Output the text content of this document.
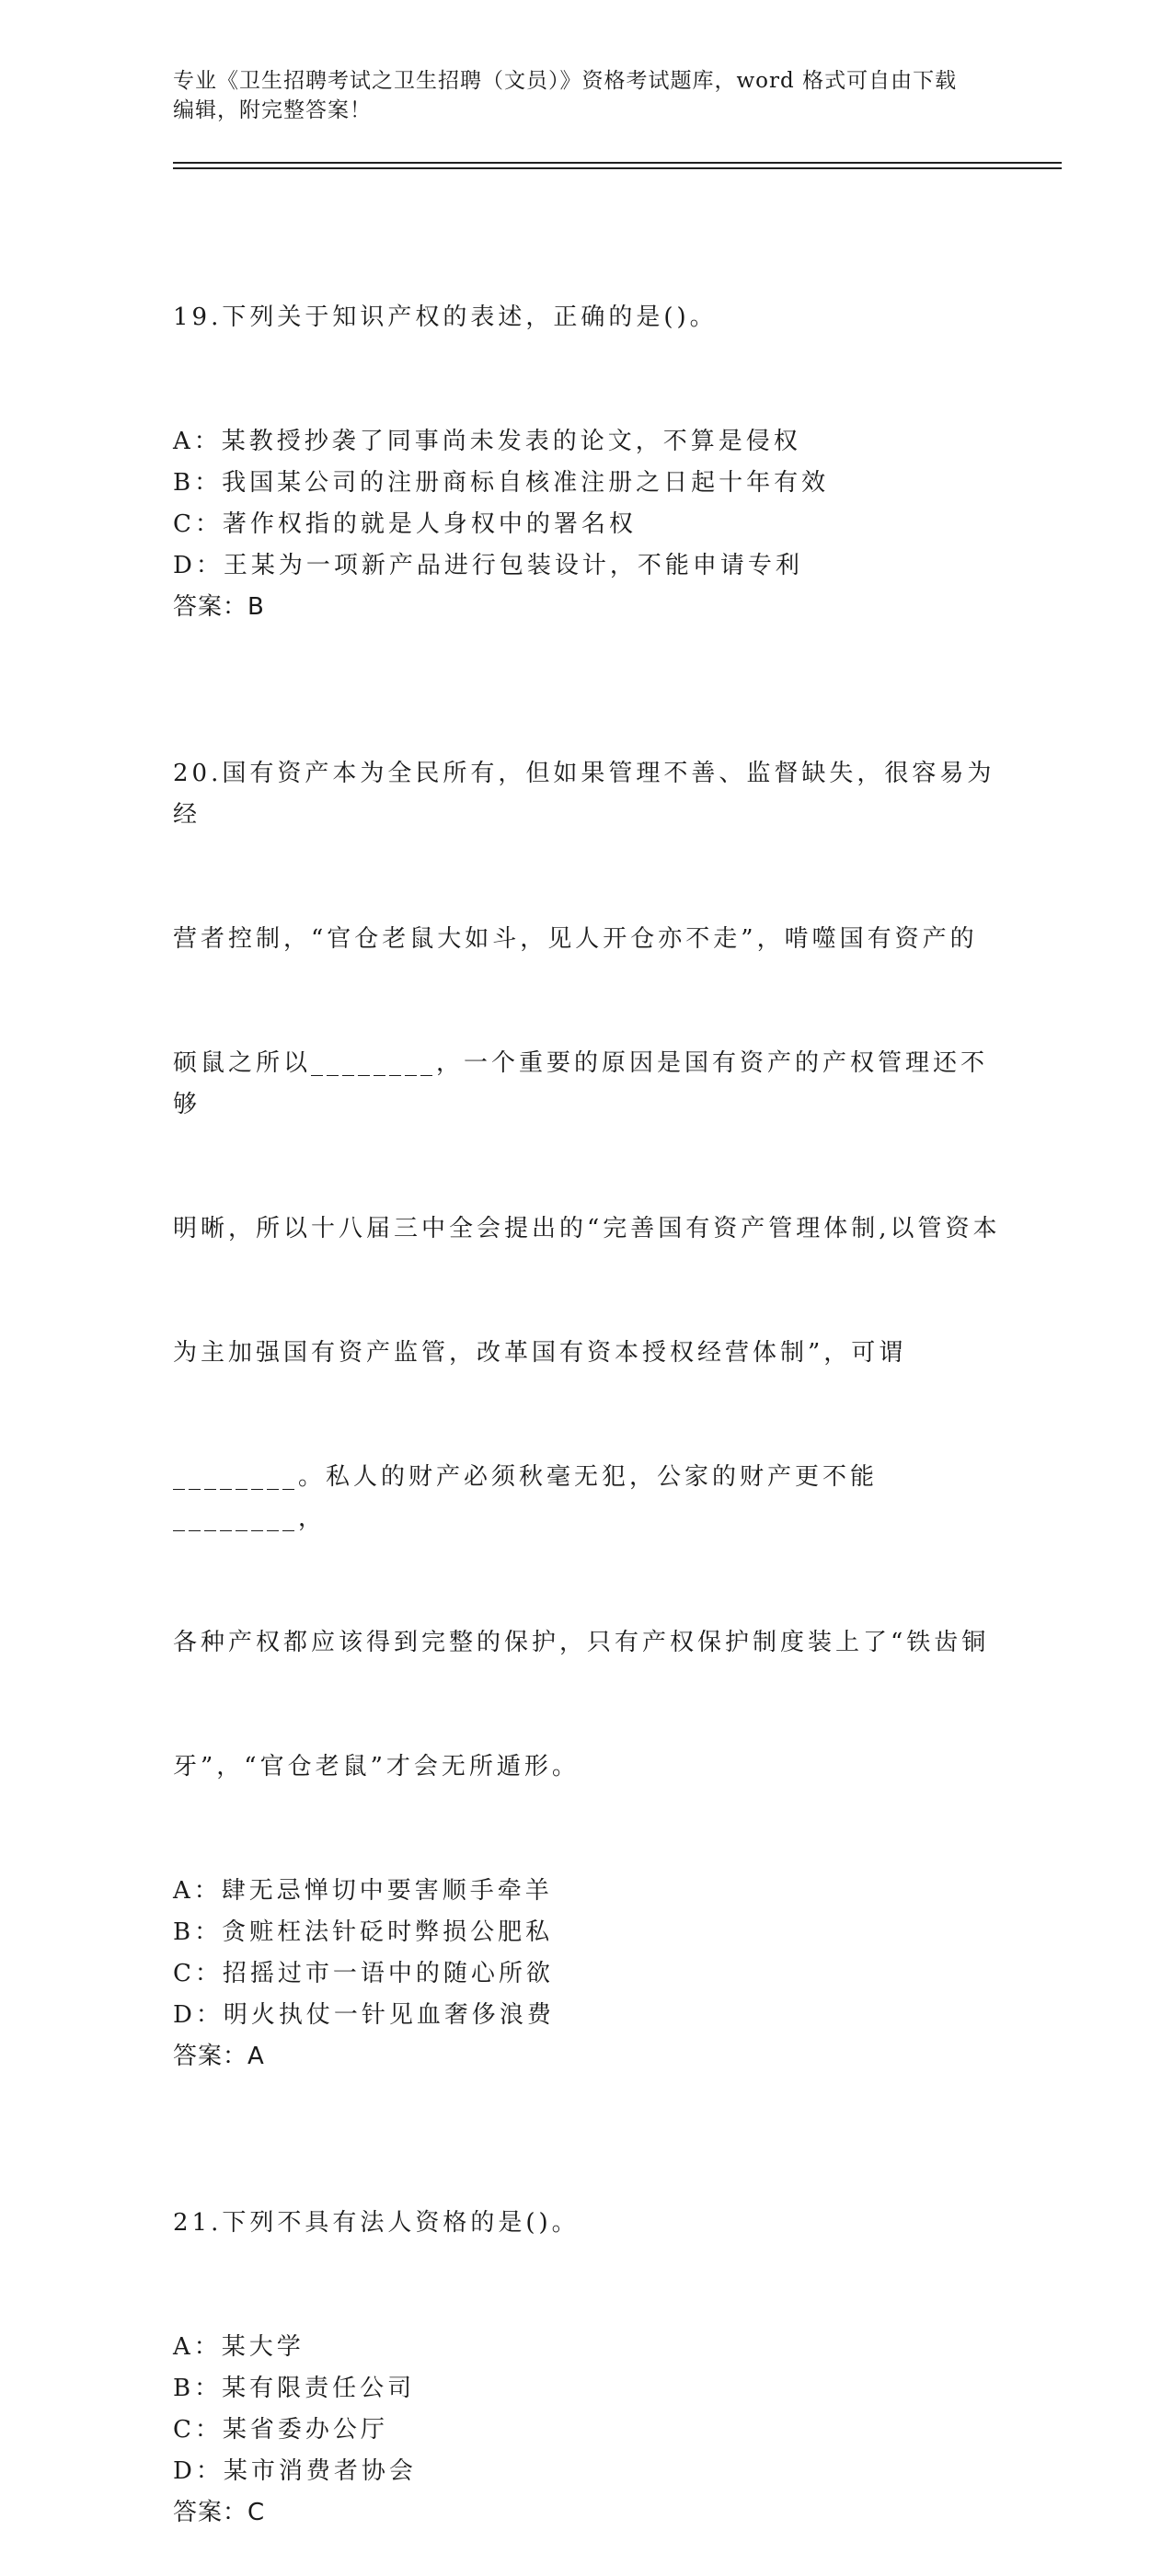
专业《卫生招聘考试之卫生招聘（文员）》资格考试题库，word 格式可自由下载
编辑，附完整答案！

19.下列关于知识产权的表述，正确的是()。

A：某教授抄袭了同事尚未发表的论文，不算是侵权
B：我国某公司的注册商标自核准注册之日起十年有效
C：著作权指的就是人身权中的署名权
D：王某为一项新产品进行包装设计，不能申请专利
答案：B

20.国有资产本为全民所有，但如果管理不善、监督缺失，很容易为经

营者控制，“官仓老鼠大如斗，见人开仓亦不走”，啃噬国有资产的

硕鼠之所以________，一个重要的原因是国有资产的产权管理还不够

明晰，所以十八届三中全会提出的“完善国有资产管理体制,以管资本

为主加强国有资产监管，改革国有资本授权经营体制”，可谓

________。私人的财产必须秋毫无犯，公家的财产更不能________，

各种产权都应该得到完整的保护，只有产权保护制度装上了“铁齿铜

牙”，“官仓老鼠”才会无所遁形。

A：肆无忌惮切中要害顺手牵羊
B：贪赃枉法针砭时弊损公肥私
C：招摇过市一语中的随心所欲
D：明火执仗一针见血奢侈浪费
答案：A

21.下列不具有法人资格的是()。

A：某大学
B：某有限责任公司
C：某省委办公厅
D：某市消费者协会
答案：C
